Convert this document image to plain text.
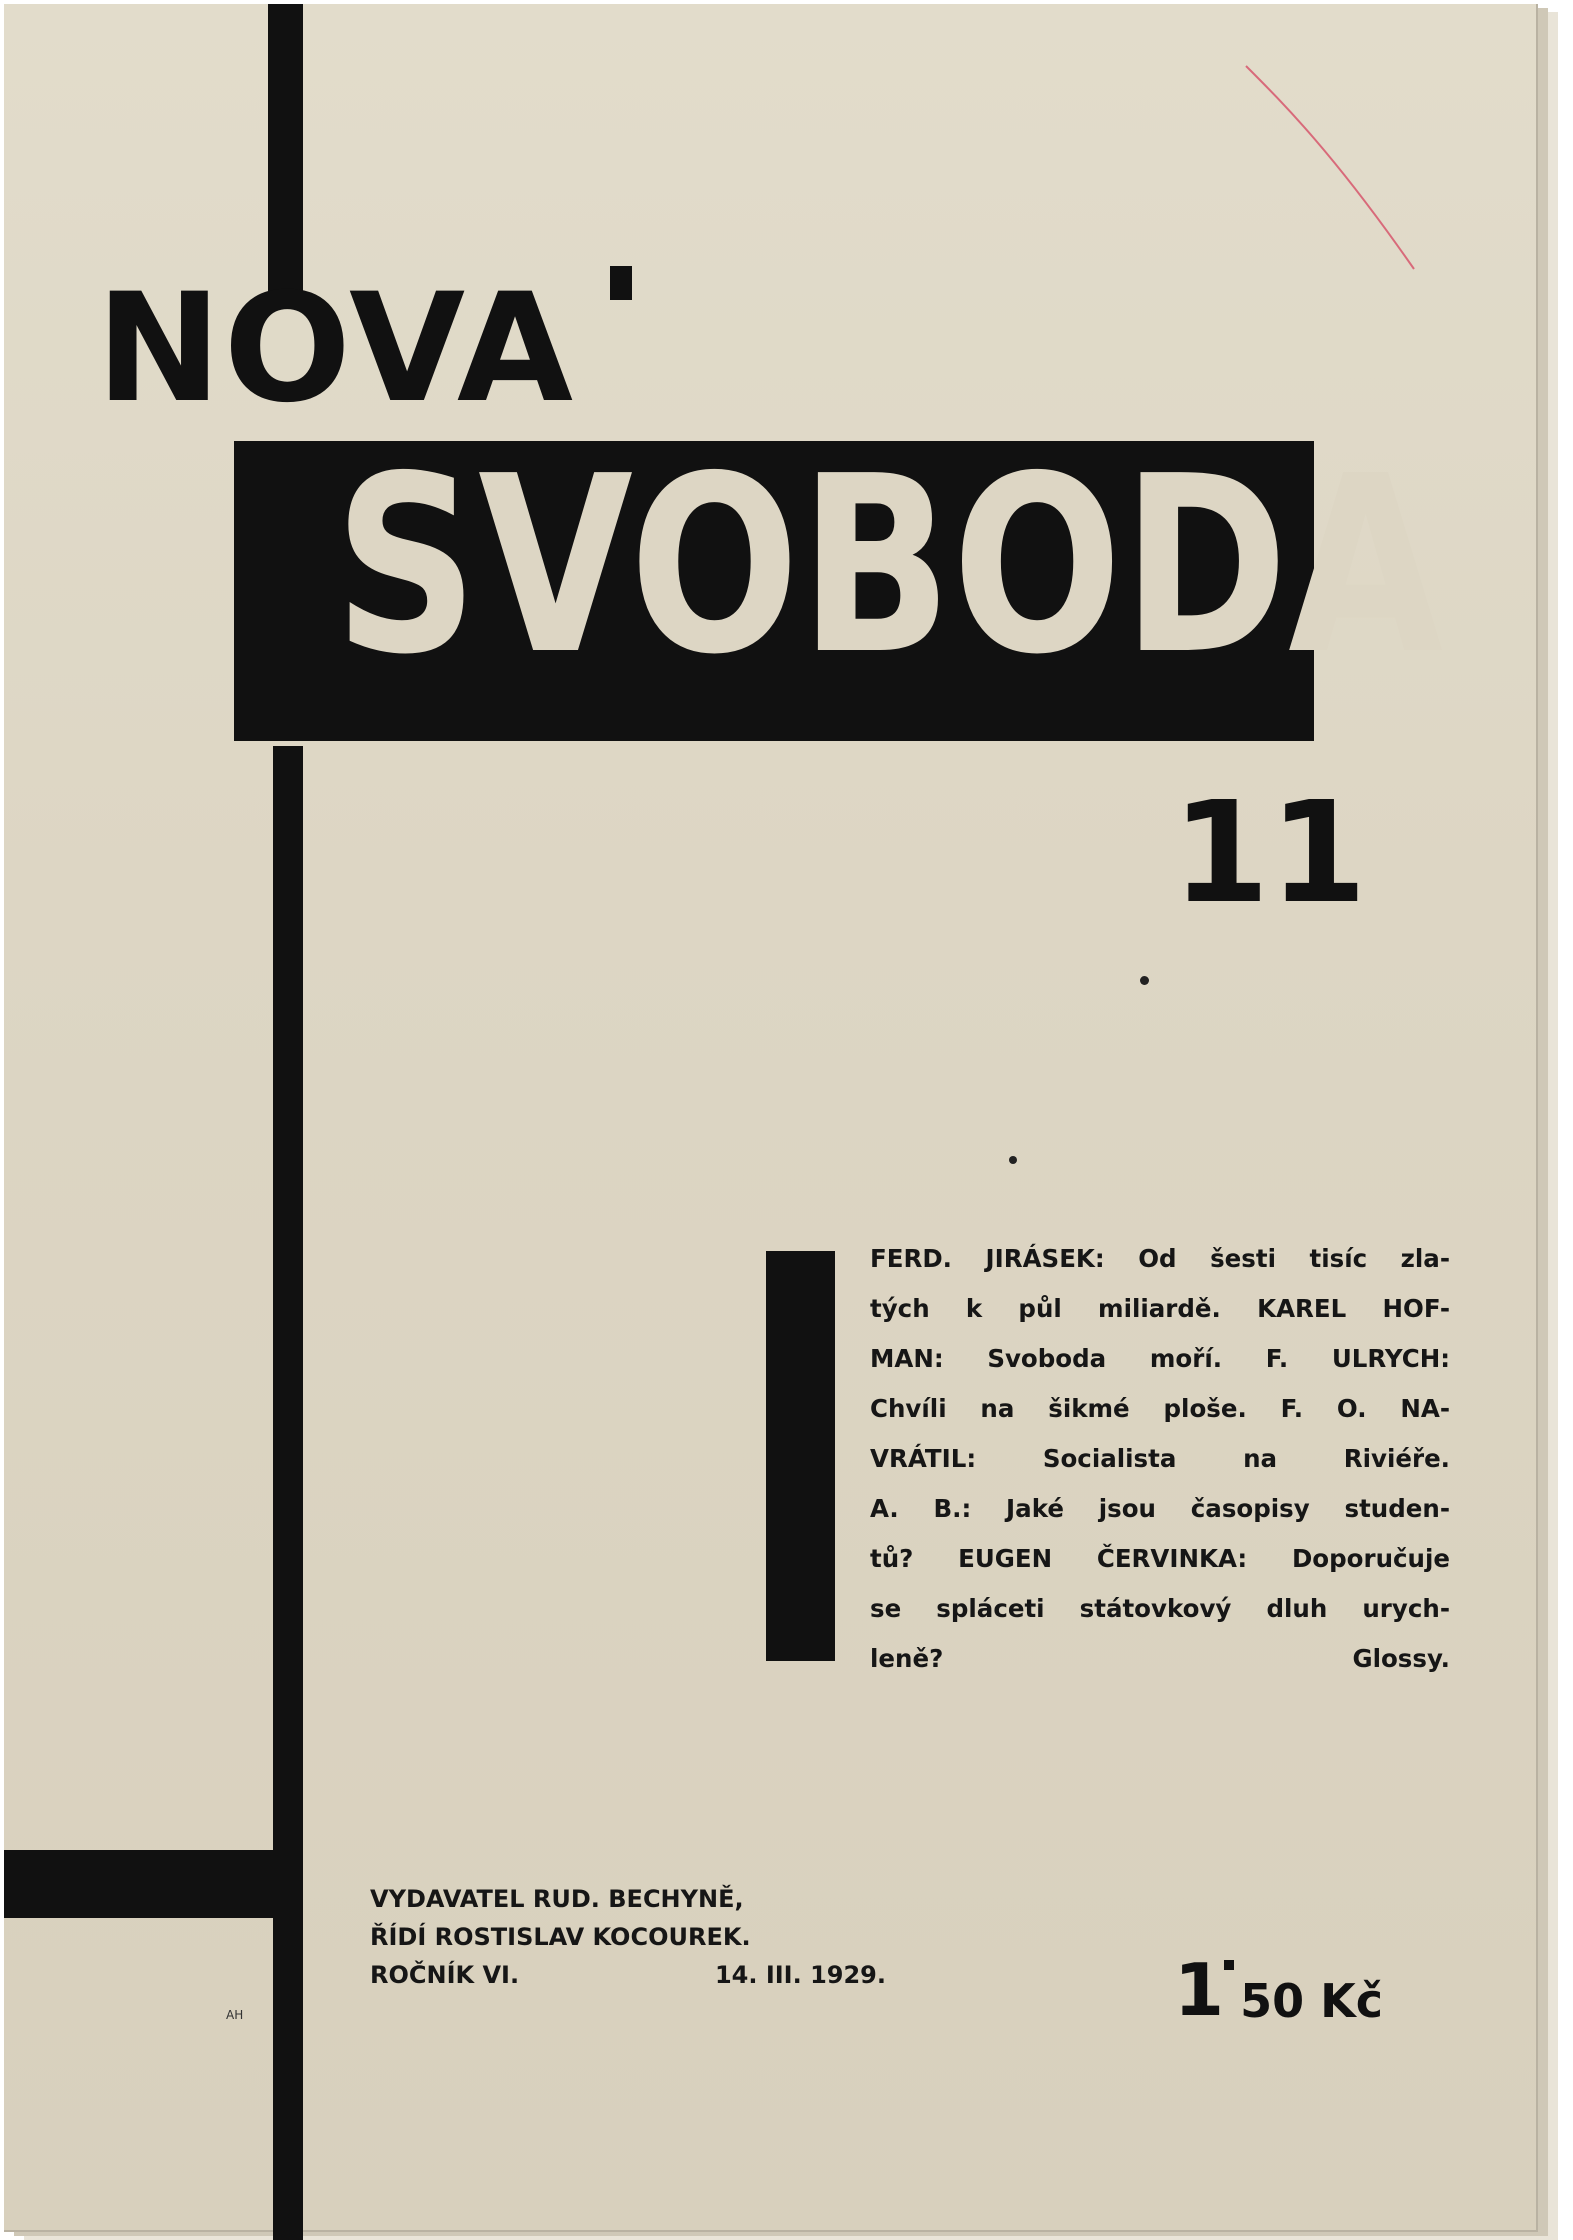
NOVA
SVOBODA
11
FERD. JIRÁSEK: Od šesti tisíc zla-
tých k půl miliardě. KAREL HOF-
MAN: Svoboda moří. F. ULRYCH:
Chvíli na šikmé ploše. F. O. NA-
VRÁTIL: Socialista na Riviéře.
A. B.: Jaké jsou časopisy studen-
tů? EUGEN ČERVINKA: Doporučuje
se spláceti státovkový dluh urych-
leně?	Glossy.
VYDAVATEL RUD. BECHYNĚ,
ŘÍDÍ ROSTISLAV KOCOUREK.
ROČNÍK VI.	14. III. 1929.	1 50 Kč
AH
